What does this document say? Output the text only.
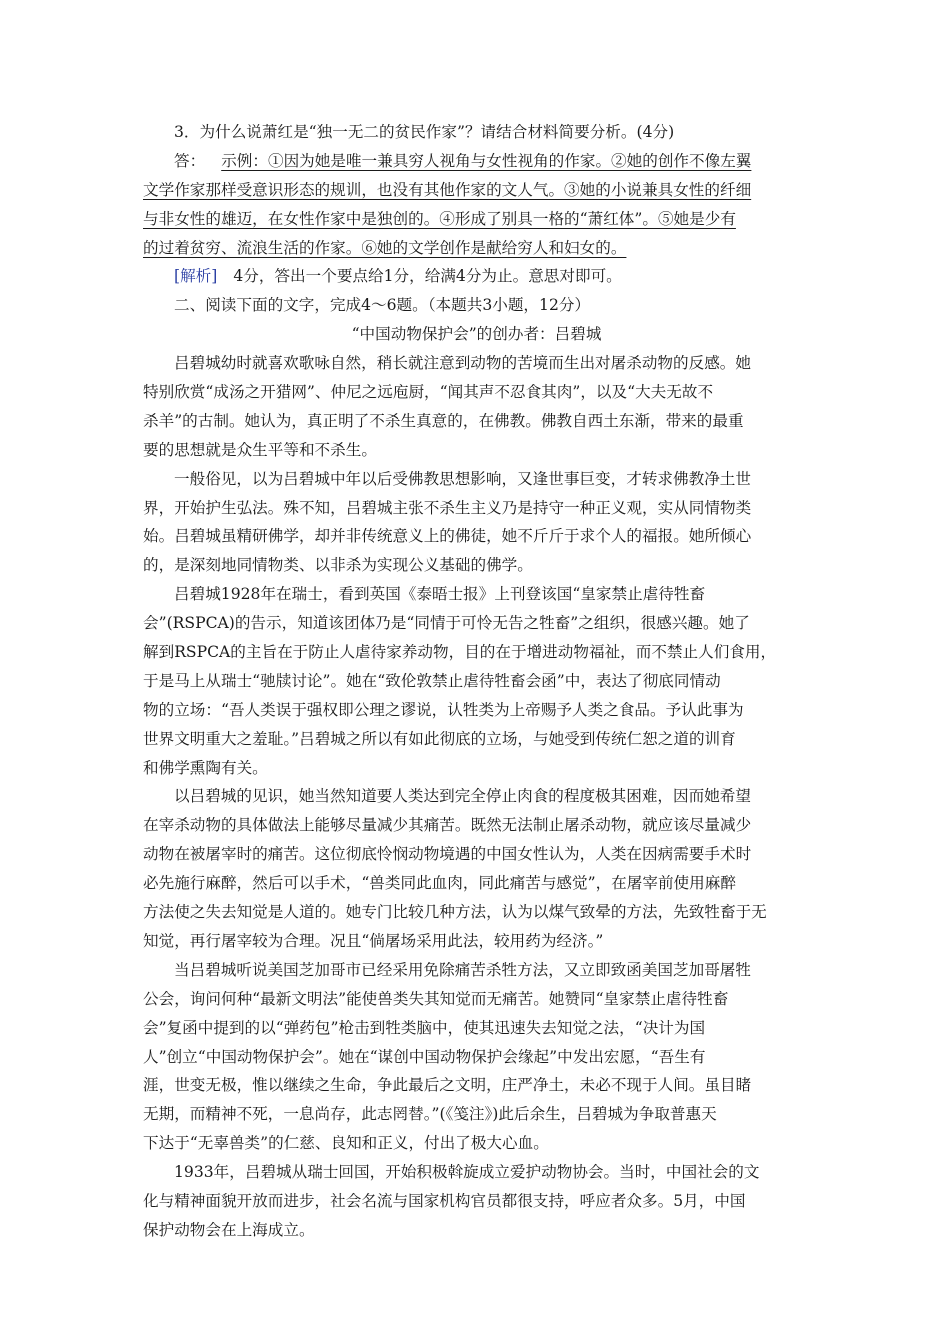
3．为什么说萧红是“独一无二的贫民作家”？请结合材料简要分析。(4分)
答： 示例：①因为她是唯一兼具穷人视角与女性视角的作家。②她的创作不像左翼
文学作家那样受意识形态的规训，也没有其他作家的文人气。③她的小说兼具女性的纤细
与非女性的雄迈，在女性作家中是独创的。④形成了别具一格的“萧红体”。⑤她是少有
的过着贫穷、流浪生活的作家。⑥她的文学创作是献给穷人和妇女的。
[解析] 4分，答出一个要点给1分，给满4分为止。意思对即可。
二、阅读下面的文字，完成4～6题。（本题共3小题，12分）
“中国动物保护会”的创办者：吕碧城
吕碧城幼时就喜欢歌咏自然，稍长就注意到动物的苦境而生出对屠杀动物的反感。她
特别欣赏“成汤之开猎网”、仲尼之远庖厨，“闻其声不忍食其肉”，以及“大夫无故不
杀羊”的古制。她认为，真正明了不杀生真意的，在佛教。佛教自西土东渐，带来的最重
要的思想就是众生平等和不杀生。
一般俗见，以为吕碧城中年以后受佛教思想影响，又逢世事巨变，才转求佛教净土世
界，开始护生弘法。殊不知，吕碧城主张不杀生主义乃是持守一种正义观，实从同情物类
始。吕碧城虽精研佛学，却并非传统意义上的佛徒，她不斤斤于求个人的福报。她所倾心
的，是深刻地同情物类、以非杀为实现公义基础的佛学。
吕碧城1928年在瑞士，看到英国《泰晤士报》上刊登该国“皇家禁止虐待牲畜
会”(RSPCA)的告示，知道该团体乃是“同情于可怜无告之牲畜”之组织，很感兴趣。她了
解到RSPCA的主旨在于防止人虐待家养动物，目的在于增进动物福祉，而不禁止人们食用，
于是马上从瑞士“驰牍讨论”。她在“致伦敦禁止虐待牲畜会函”中，表达了彻底同情动
物的立场：“吾人类误于强权即公理之谬说，认牲类为上帝赐予人类之食品。予认此事为
世界文明重大之羞耻。”吕碧城之所以有如此彻底的立场，与她受到传统仁恕之道的训育
和佛学熏陶有关。
以吕碧城的见识，她当然知道要人类达到完全停止肉食的程度极其困难，因而她希望
在宰杀动物的具体做法上能够尽量减少其痛苦。既然无法制止屠杀动物，就应该尽量减少
动物在被屠宰时的痛苦。这位彻底怜悯动物境遇的中国女性认为，人类在因病需要手术时
必先施行麻醉，然后可以手术，“兽类同此血肉，同此痛苦与感觉”，在屠宰前使用麻醉
方法使之失去知觉是人道的。她专门比较几种方法，认为以煤气致晕的方法，先致牲畜于无
知觉，再行屠宰较为合理。况且“倘屠场采用此法，较用药为经济。”
当吕碧城听说美国芝加哥市已经采用免除痛苦杀牲方法，又立即致函美国芝加哥屠牲
公会，询问何种“最新文明法”能使兽类失其知觉而无痛苦。她赞同“皇家禁止虐待牲畜
会”复函中提到的以“弹药包”枪击到牲类脑中，使其迅速失去知觉之法，“决计为国
人”创立“中国动物保护会”。她在“谋创中国动物保护会缘起”中发出宏愿，“吾生有
涯，世变无极，惟以继续之生命，争此最后之文明，庄严净土，未必不现于人间。虽目睹
无期，而精神不死，一息尚存，此志罔替。”(《笺注》)此后余生，吕碧城为争取普惠天
下达于“无辜兽类”的仁慈、良知和正义，付出了极大心血。
1933年，吕碧城从瑞士回国，开始积极斡旋成立爱护动物协会。当时，中国社会的文
化与精神面貌开放而进步，社会名流与国家机构官员都很支持，呼应者众多。5月，中国
保护动物会在上海成立。
